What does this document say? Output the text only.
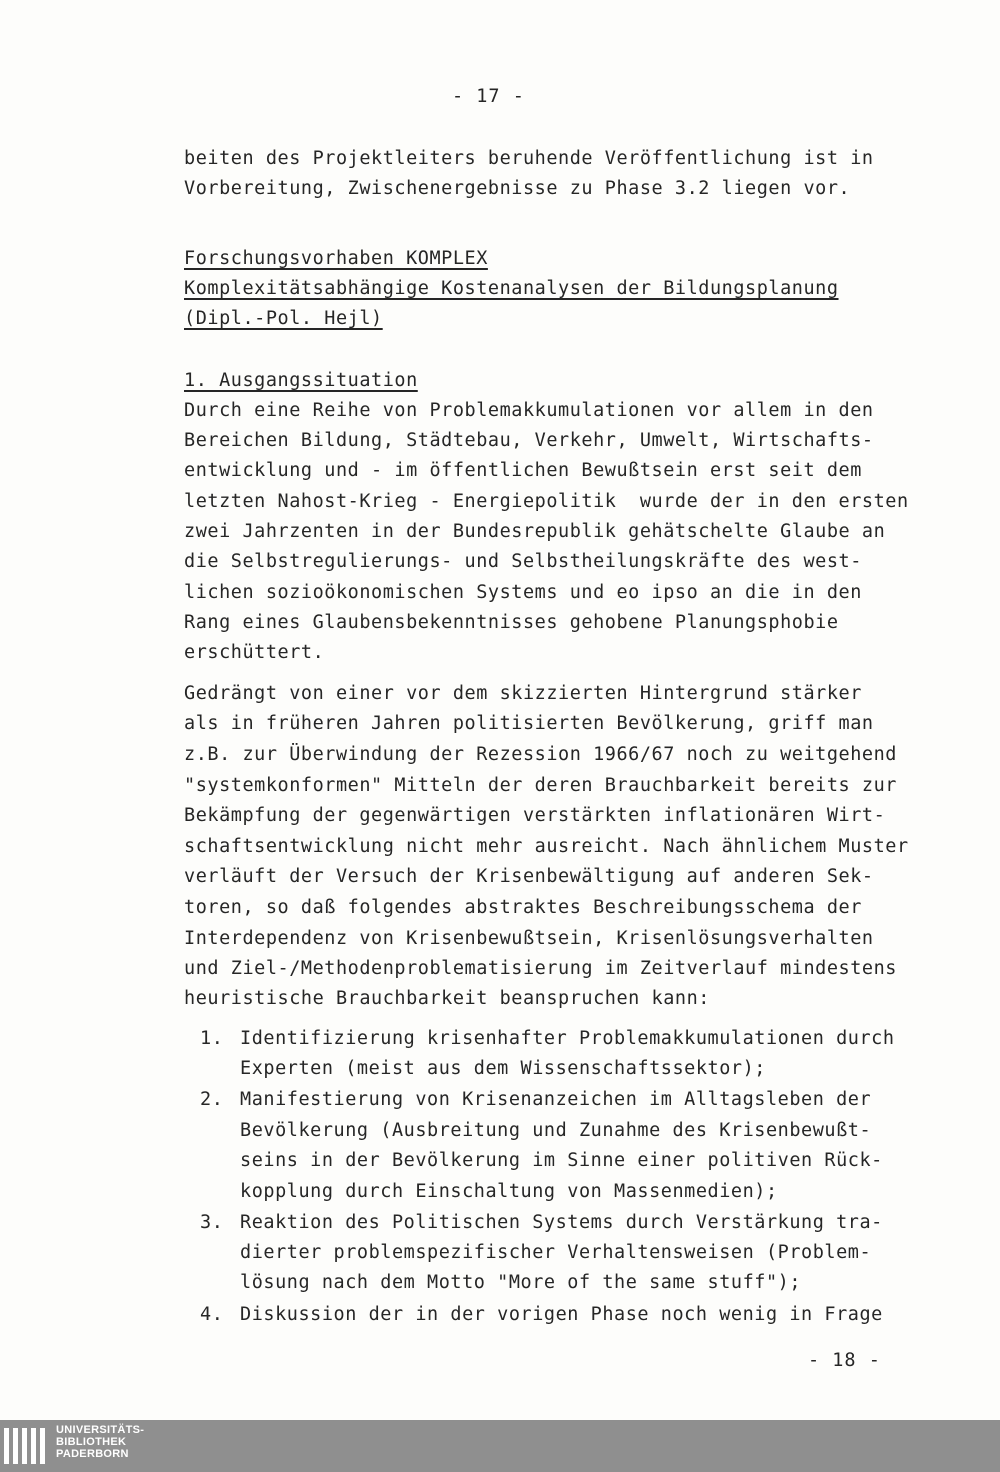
- 17 -
beiten des Projektleiters beruhende Veröffentlichung ist in
Vorbereitung, Zwischenergebnisse zu Phase 3.2 liegen vor.
Forschungsvorhaben KOMPLEX
Komplexitätsabhängige Kostenanalysen der Bildungsplanung
(Dipl.-Pol. Hejl)
1. Ausgangssituation
Durch eine Reihe von Problemakkumulationen vor allem in den
Bereichen Bildung, Städtebau, Verkehr, Umwelt, Wirtschafts-
entwicklung und - im öffentlichen Bewußtsein erst seit dem
letzten Nahost-Krieg - Energiepolitik  wurde der in den ersten
zwei Jahrzenten in der Bundesrepublik gehätschelte Glaube an
die Selbstregulierungs- und Selbstheilungskräfte des west-
lichen sozioökonomischen Systems und eo ipso an die in den
Rang eines Glaubensbekenntnisses gehobene Planungsphobie
erschüttert.
Gedrängt von einer vor dem skizzierten Hintergrund stärker
als in früheren Jahren politisierten Bevölkerung, griff man
z.B. zur Überwindung der Rezession 1966/67 noch zu weitgehend
"systemkonformen" Mitteln der deren Brauchbarkeit bereits zur
Bekämpfung der gegenwärtigen verstärkten inflationären Wirt-
schaftsentwicklung nicht mehr ausreicht. Nach ähnlichem Muster
verläuft der Versuch der Krisenbewältigung auf anderen Sek-
toren, so daß folgendes abstraktes Beschreibungsschema der
Interdependenz von Krisenbewußtsein, Krisenlösungsverhalten
und Ziel-/Methodenproblematisierung im Zeitverlauf mindestens
heuristische Brauchbarkeit beanspruchen kann:
1. Identifizierung krisenhafter Problemakkumulationen durch
Experten (meist aus dem Wissenschaftssektor);
2. Manifestierung von Krisenanzeichen im Alltagsleben der
Bevölkerung (Ausbreitung und Zunahme des Krisenbewußt-
seins in der Bevölkerung im Sinne einer politiven Rück-
kopplung durch Einschaltung von Massenmedien);
3. Reaktion des Politischen Systems durch Verstärkung tra-
dierter problemspezifischer Verhaltensweisen (Problem-
lösung nach dem Motto "More of the same stuff");
4. Diskussion der in der vorigen Phase noch wenig in Frage
- 18 -
UNIVERSITÄTS-
BIBLIOTHEK
PADERBORN
